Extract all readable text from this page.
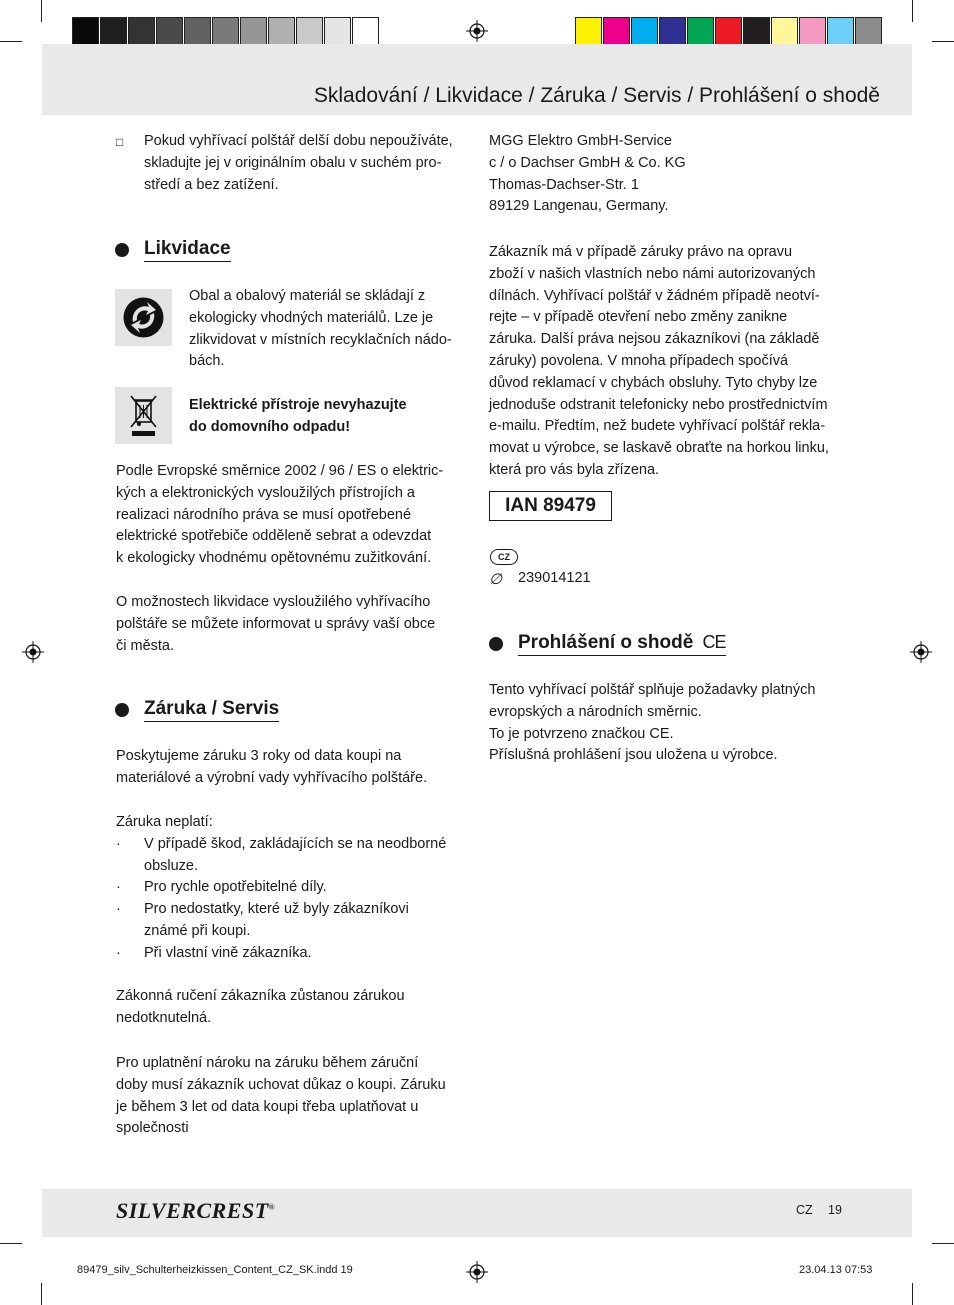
Skladování / Likvidace / Záruka / Servis / Prohlášení o shodě
□ Pokud vyhřívací polštář delší dobu nepoužíváte,
skladujte jej v originálním obalu v suchém pro-
středí a bez zatížení.
Likvidace
Obal a obalový materiál se skládají z
ekologicky vhodných materiálů. Lze je
zlikvidovat v místních recyklačních nádo-
bách.
Elektrické přístroje nevyhazujte
do domovního odpadu!
Podle Evropské směrnice 2002 / 96 / ES o elektric-
kých a elektronických vysloužilých přístrojích a
realizaci národního práva se musí opotřebené
elektrické spotřebiče odděleně sebrat a odevzdat
k ekologicky vhodnému opětovnému zužitkování.
O možnostech likvidace vysloužilého vyhřívacího
polštáře se můžete informovat u správy vaší obce
či města.
Záruka / Servis
Poskytujeme záruku 3 roky od data koupi na
materiálové a výrobní vady vyhřívacího polštáře.
Záruka neplatí:
· V případě škod, zakládajících se na neodborné
obsluze.
· Pro rychle opotřebitelné díly.
· Pro nedostatky, které už byly zákazníkovi
známé při koupi.
· Při vlastní vině zákazníka.
Zákonná ručení zákazníka zůstanou zárukou
nedotknutelná.
Pro uplatnění nároku na záruku během záruční
doby musí zákazník uchovat důkaz o koupi. Záruku
je během 3 let od data koupi třeba uplatňovat u
společnosti
MGG Elektro GmbH-Service
c / o Dachser GmbH & Co. KG
Thomas-Dachser-Str. 1
89129 Langenau, Germany.
Zákazník má v případě záruky právo na opravu
zboží v našich vlastních nebo námi autorizovaných
dílnách. Vyhřívací polštář v žádném případě neotví-
rejte – v případě otevření nebo změny zanikne
záruka. Další práva nejsou zákazníkovi (na základě
záruky) povolena. V mnoha případech spočívá
důvod reklamací v chybách obsluhy. Tyto chyby lze
jednoduše odstranit telefonicky nebo prostřednictvím
e-mailu. Předtím, než budete vyhřívací polštář rekla-
movat u výrobce, se laskavě obraťte na horkou linku,
která pro vás byla zřízena.
IAN 89479
CZ
∅ 239014121
Prohlášení o shodě CE
Tento vyhřívací polštář splňuje požadavky platných
evropských a národních směrnic.
To je potvrzeno značkou CE.
Příslušná prohlášení jsou uložena u výrobce.
SILVERCREST®	CZ 19
89479_silv_Schulterheizkissen_Content_CZ_SK.indd 19	23.04.13 07:53
